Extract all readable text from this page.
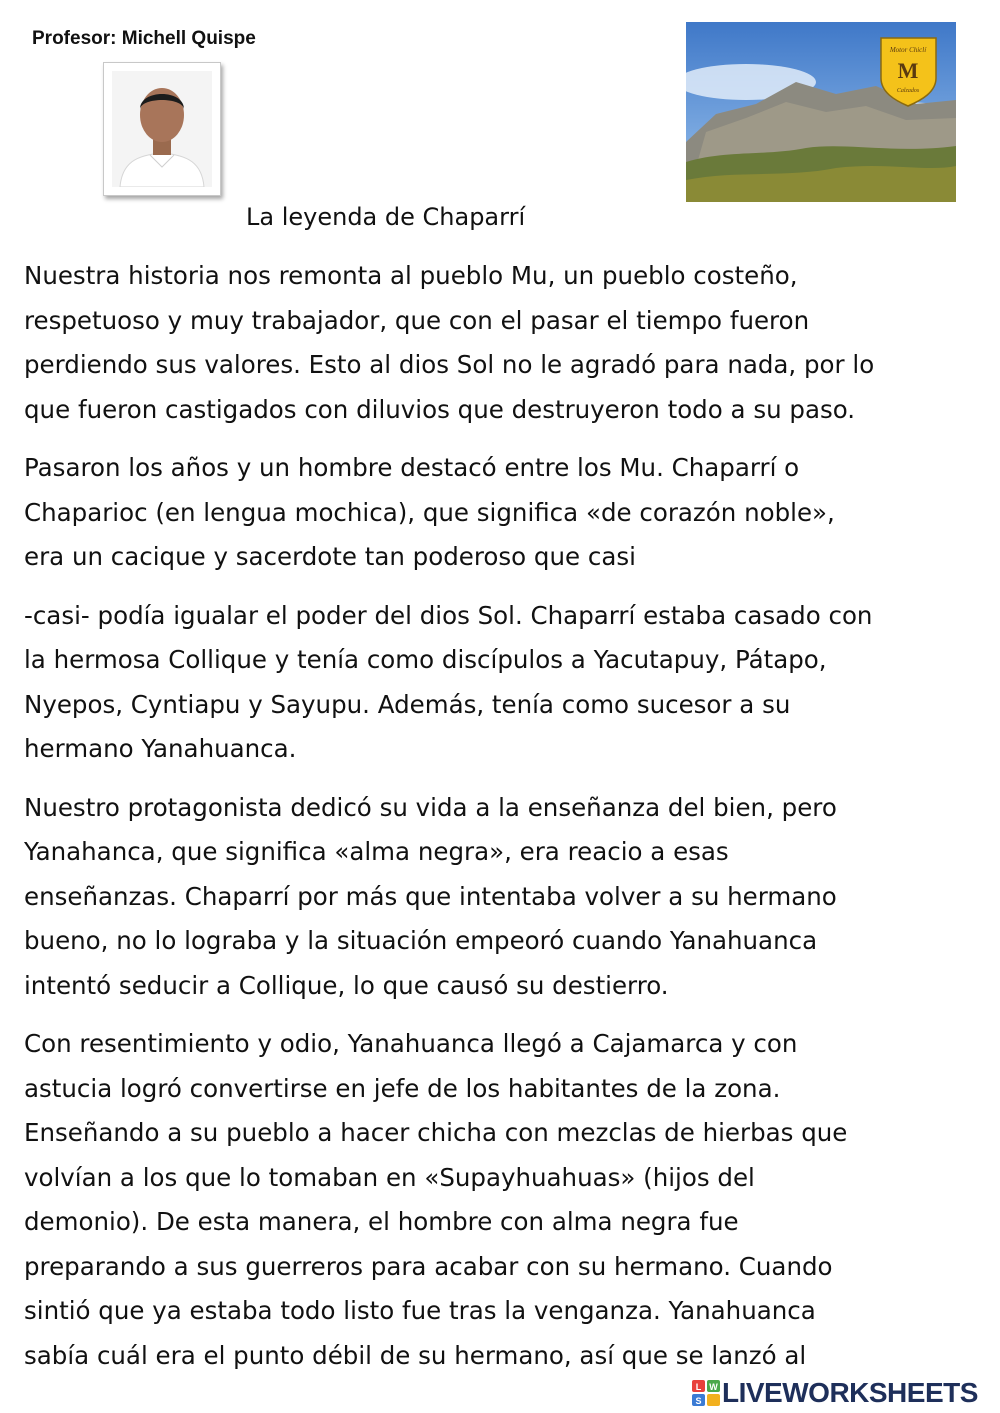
Profesor: Michell Quispe
Motor Chiclí
M
Calzados
La leyenda de Chaparrí

Nuestra historia nos remonta al pueblo Mu, un pueblo costeño,
respetuoso y muy trabajador, que con el pasar el tiempo fueron
perdiendo sus valores. Esto al dios Sol no le agradó para nada, por lo
que fueron castigados con diluvios que destruyeron todo a su paso.

Pasaron los años y un hombre destacó entre los Mu. Chaparrí o
Chaparioc (en lengua mochica), que significa «de corazón noble»,
era un cacique y sacerdote tan poderoso que casi

-casi- podía igualar el poder del dios Sol. Chaparrí estaba casado con
la hermosa Collique y tenía como discípulos a Yacutapuy, Pátapo,
Nyepos, Cyntiapu y Sayupu. Además, tenía como sucesor a su
hermano Yanahuanca.

Nuestro protagonista dedicó su vida a la enseñanza del bien, pero
Yanahanca, que significa «alma negra», era reacio a esas
enseñanzas. Chaparrí por más que intentaba volver a su hermano
bueno, no lo lograba y la situación empeoró cuando Yanahuanca
intentó seducir a Collique, lo que causó su destierro.

Con resentimiento y odio, Yanahuanca llegó a Cajamarca y con
astucia logró convertirse en jefe de los habitantes de la zona.
Enseñando a su pueblo a hacer chicha con mezclas de hierbas que
volvían a los que lo tomaban en «Supayhuahuas» (hijos del
demonio). De esta manera, el hombre con alma negra fue
preparando a sus guerreros para acabar con su hermano. Cuando
sintió que ya estaba todo listo fue tras la venganza. Yanahuanca
sabía cuál era el punto débil de su hermano, así que se lanzó al

L W
S LIVEWORKSHEETS
